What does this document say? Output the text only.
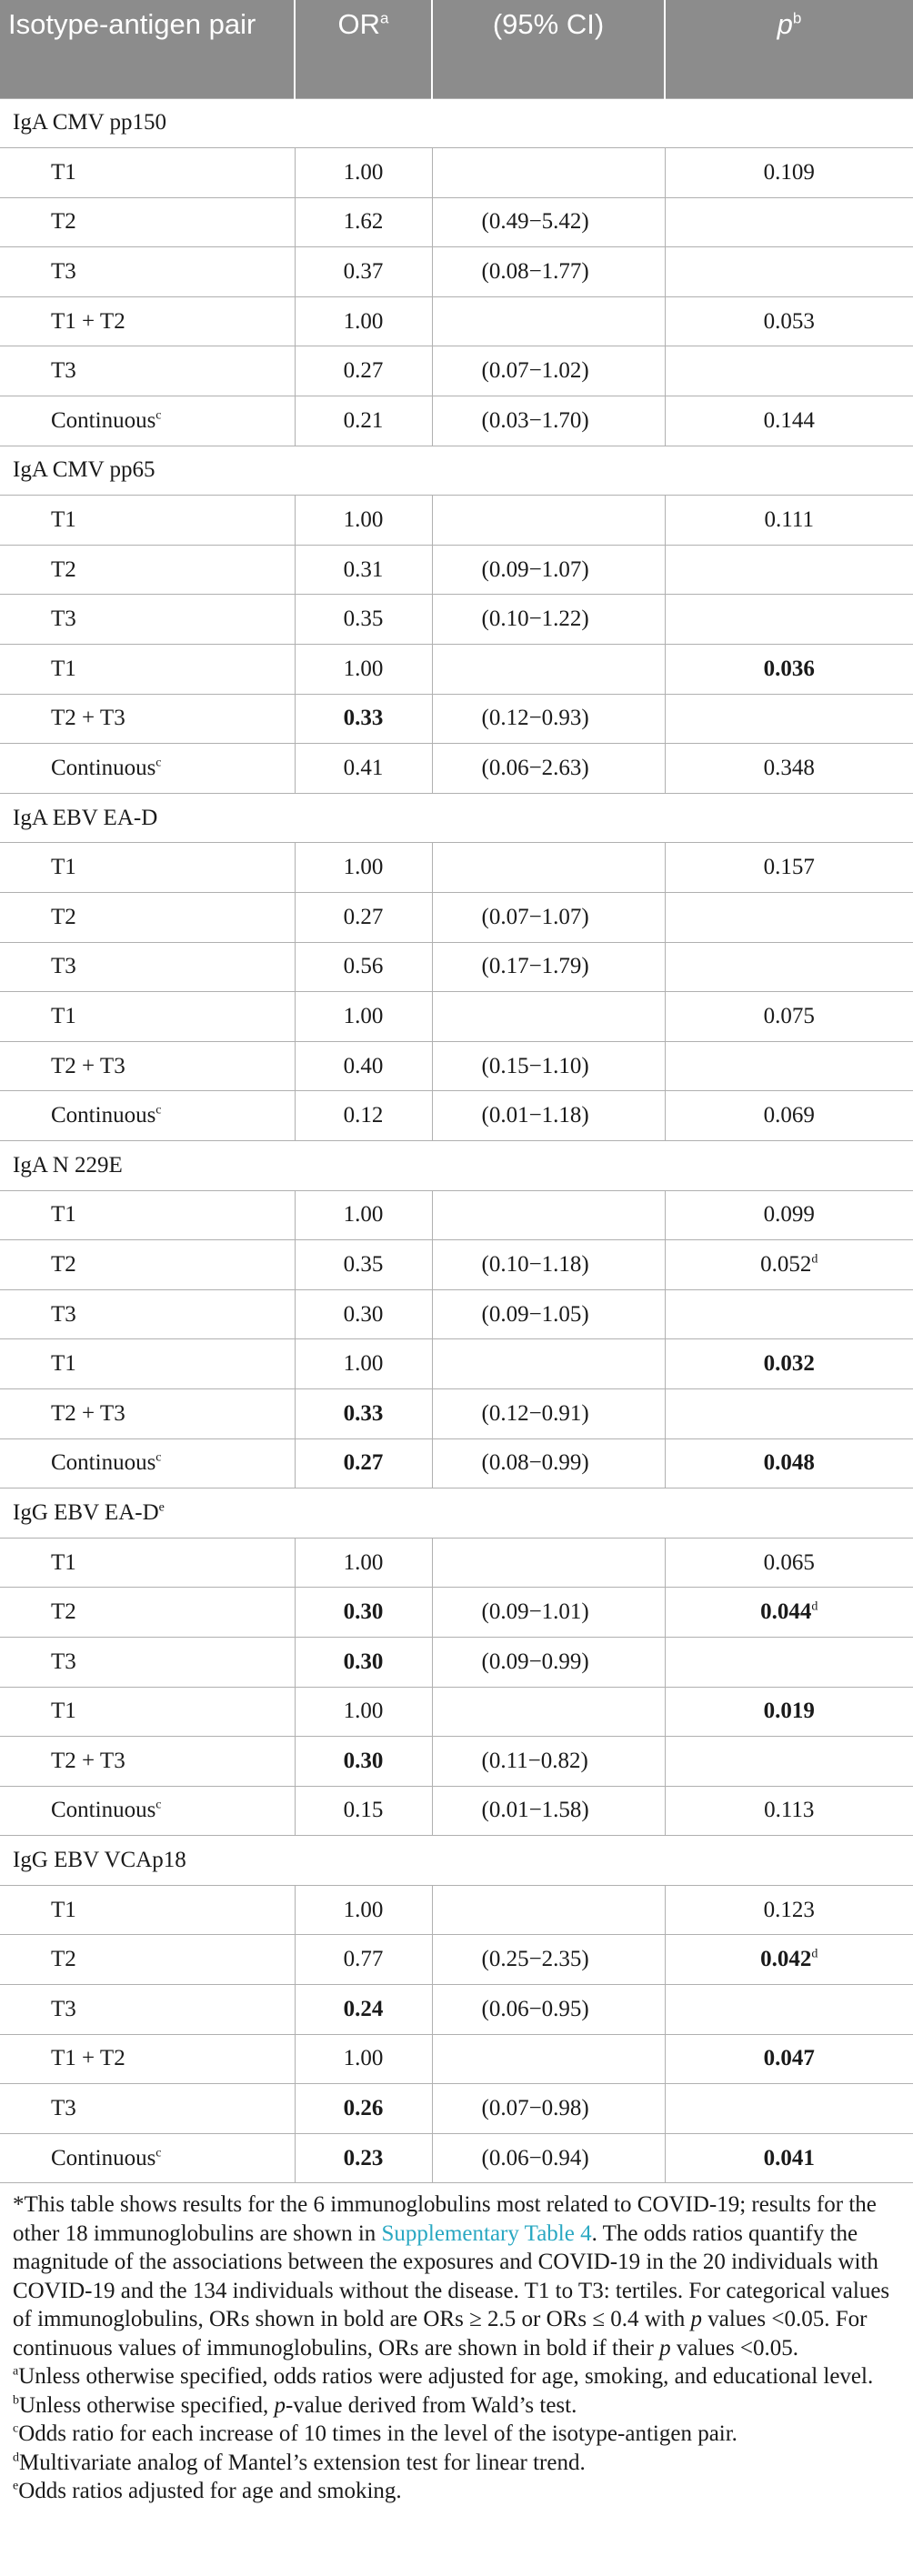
Isotype-antigen pair	$OR^a$	(95% CI)	$p^b$
IgA CMV pp150			
T1	1.00		0.109
T2	1.62	(0.49−5.42)	
T3	0.37	(0.08−1.77)	
T1 + T2	1.00		0.053
T3	0.27	(0.07−1.02)	
Continuous$^c$	0.21	(0.03−1.70)	0.144
IgA CMV pp65			
T1	1.00		0.111
T2	0.31	(0.09−1.07)	
T3	0.35	(0.10−1.22)	
T1	1.00		0.036
T2 + T3	0.33	(0.12−0.93)	
Continuous$^c$	0.41	(0.06−2.63)	0.348
IgA EBV EA-D			
T1	1.00		0.157
T2	0.27	(0.07−1.07)	
T3	0.56	(0.17−1.79)	
T1	1.00		0.075
T2 + T3	0.40	(0.15−1.10)	
Continuous$^c$	0.12	(0.01−1.18)	0.069
IgA N 229E			
T1	1.00		0.099
T2	0.35	(0.10−1.18)	0.052$^d$
T3	0.30	(0.09−1.05)	
T1	1.00		0.032
T2 + T3	0.33	(0.12−0.91)	
Continuous$^c$	0.27	(0.08−0.99)	0.048
IgG EBV EA-De
T1	1.00		0.065
T2	0.30	(0.09−1.01)	0.044$^d$
T3	0.30	(0.09−0.99)	
T1	1.00		0.019
T2 + T3	0.30	(0.11−0.82)	
Continuous$^c$	0.15	(0.01−1.58)	0.113
IgG EBV VCAp18			
T1	1.00		0.123
T2	0.77	(0.25−2.35)	0.042$^d$
T3	0.24	(0.06−0.95)	
T1 + T2	1.00		0.047
T3	0.26	(0.07−0.98)	
Continuous$^c$	0.23	(0.06−0.94)	0.041

*This table shows results for the 6 immunoglobulins most related to COVID-19; results for the other 18 immunoglobulins are shown in Supplementary Table 4. The odds ratios quantify the magnitude of the associations between the exposures and COVID-19 in the 20 individuals with COVID-19 and the 134 individuals without the disease. T1 to T3: tertiles. For categorical values of immunoglobulins, ORs shown in bold are ORs ≥ 2.5 or ORs ≤ 0.4 with p values <0.05. For continuous values of immunoglobulins, ORs are shown in bold if their p values <0.05.

$^a$Unless otherwise specified, odds ratios were adjusted for age, smoking, and educational level.

$^b$Unless otherwise specified, p-value derived from Wald’s test.

$^c$Odds ratio for each increase of 10 times in the level of the isotype-antigen pair.

$^d$Multivariate analog of Mantel’s extension test for linear trend.

$^e$Odds ratios adjusted for age and smoking.
